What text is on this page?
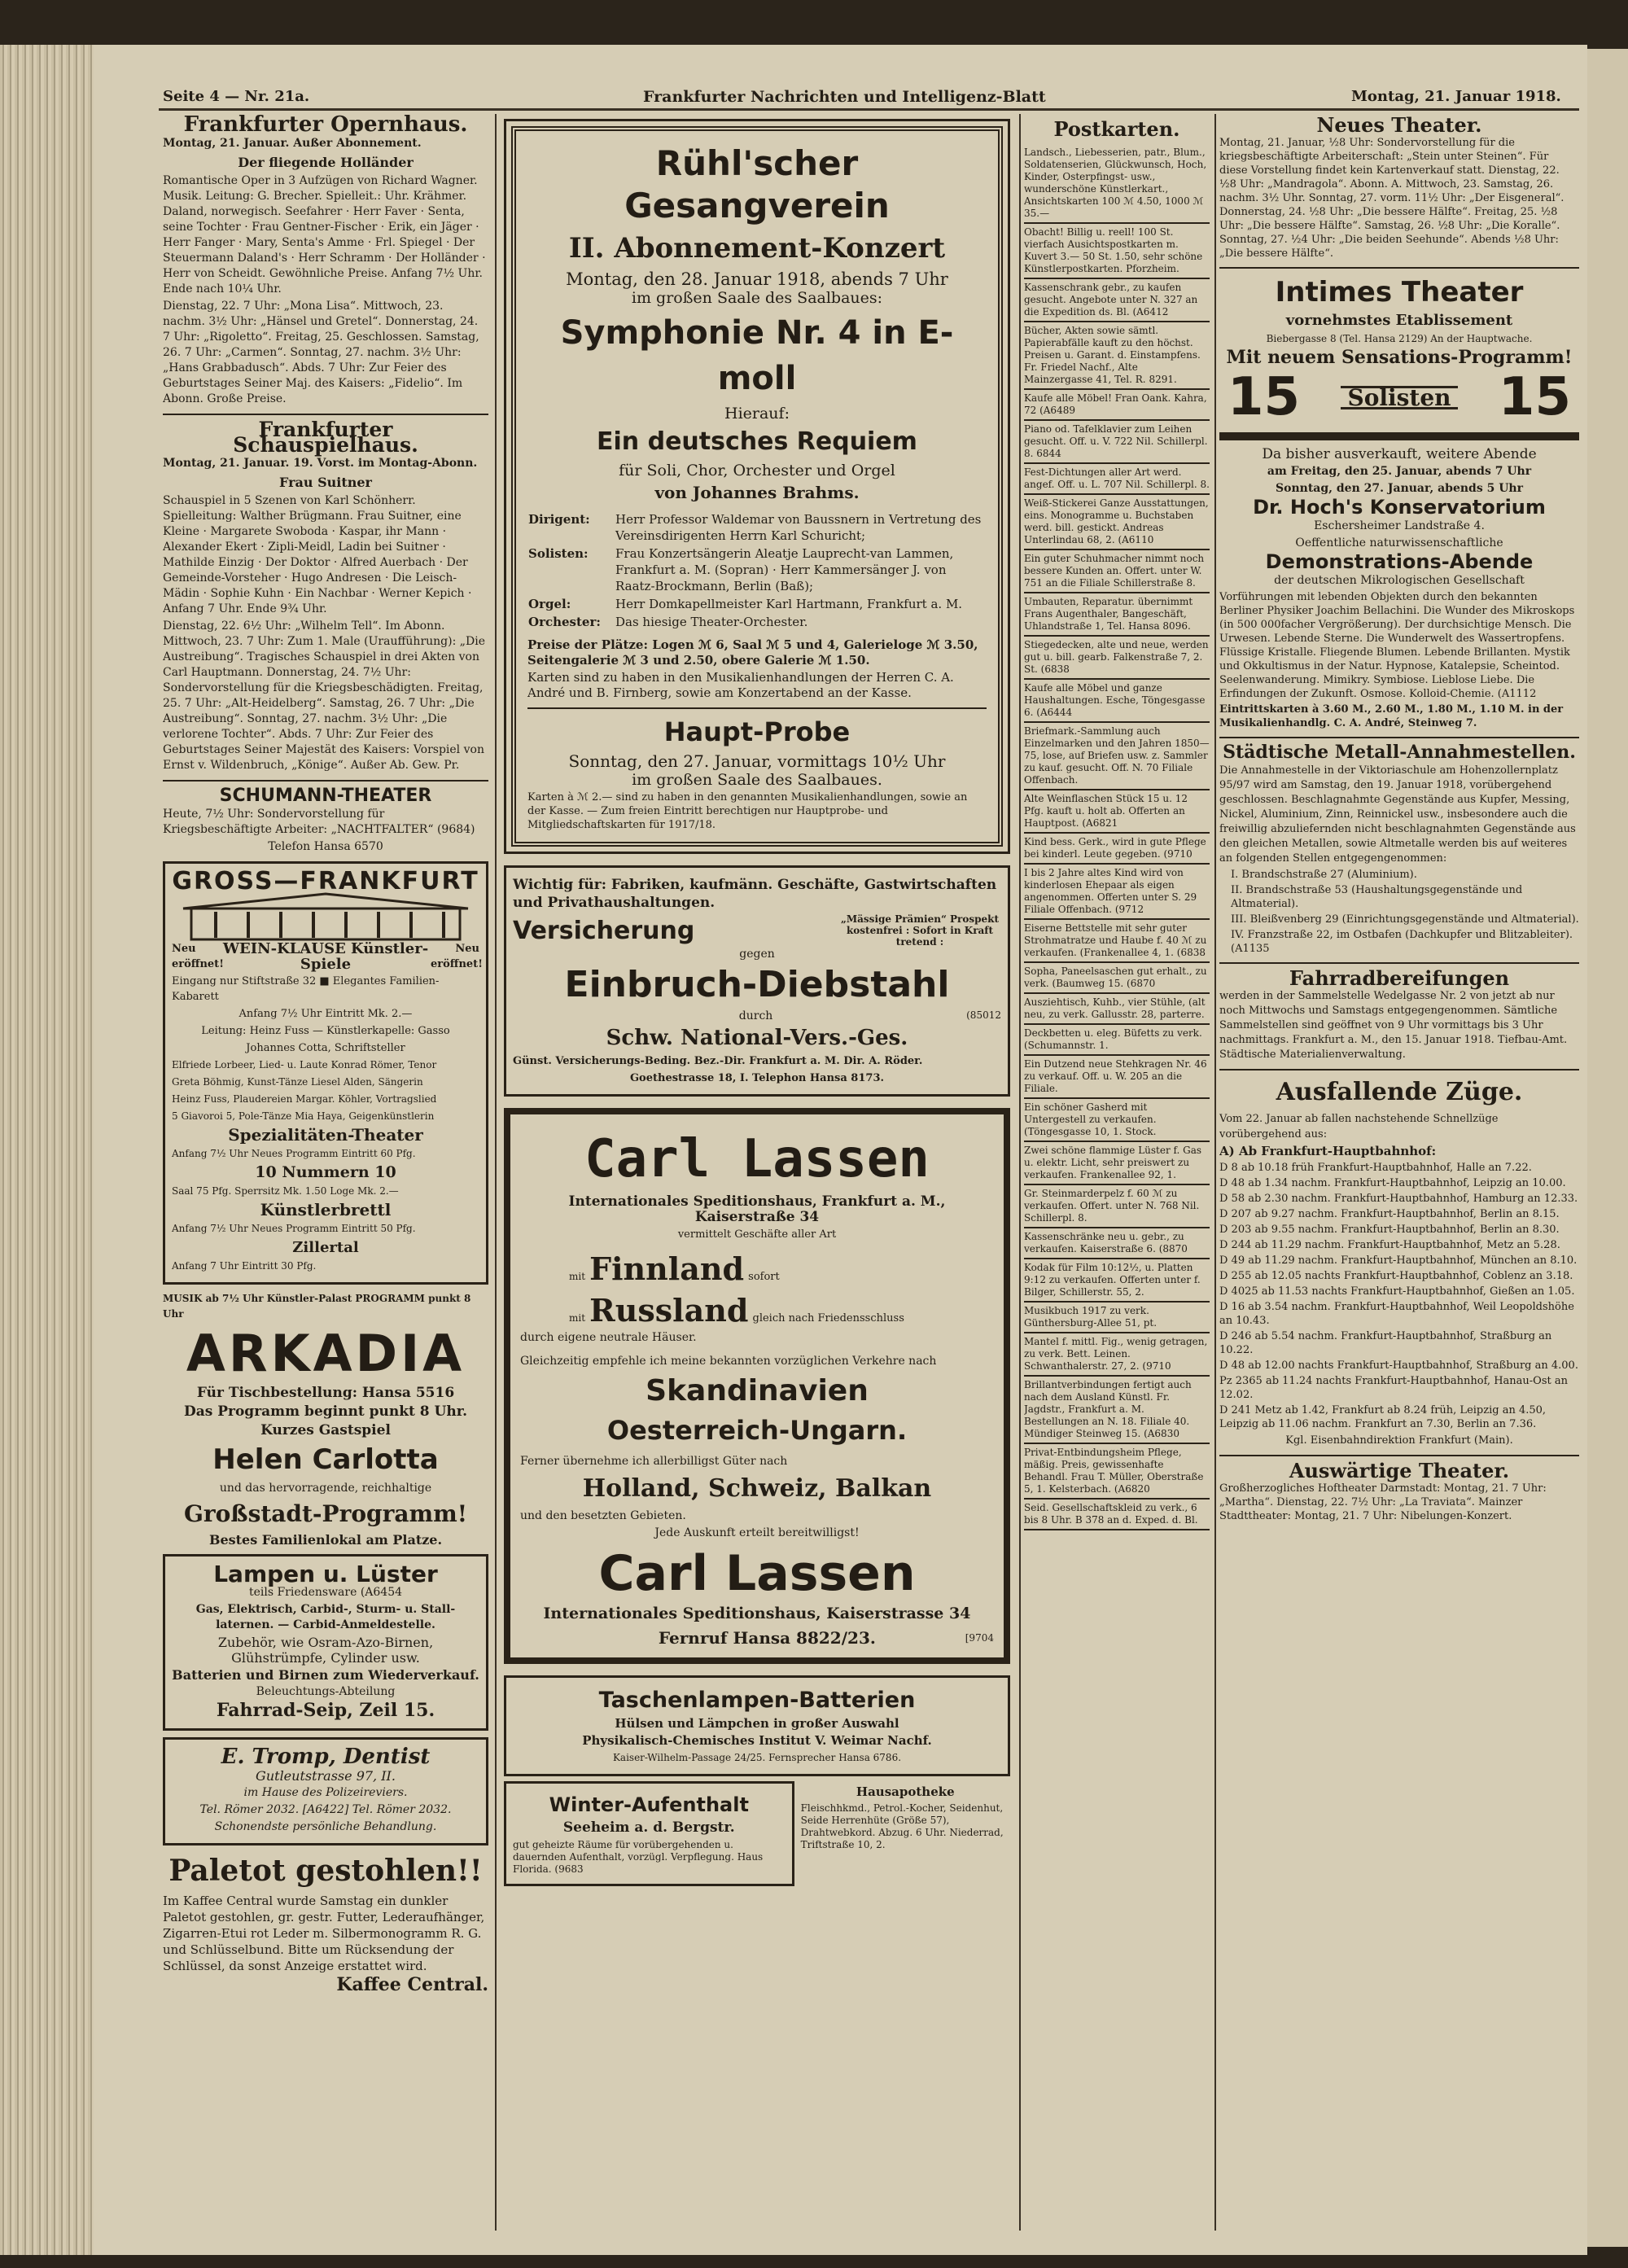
Seite 4 — Nr. 21a.	Frankfurter Nachrichten und Intelligenz-Blatt	Montag, 21. Januar 1918.
Frankfurter Opernhaus.
Montag, 21. Januar. Außer Abonnement.
Der fliegende Holländer
Romantische Oper in 3 Aufzügen von Richard Wagner. Musik. Leitung: G. Brecher. Spielleit.: Uhr. Krähmer. Daland, norwegisch. Seefahrer · Herr Faver · Senta, seine Tochter · Frau Gentner-Fischer · Erik, ein Jäger · Herr Fanger · Mary, Senta's Amme · Frl. Spiegel · Der Steuermann Daland's · Herr Schramm · Der Holländer · Herr von Scheidt. Gewöhnliche Preise. Anfang 7½ Uhr. Ende nach 10¼ Uhr.
Dienstag, 22. 7 Uhr: „Mona Lisa“. Mittwoch, 23. nachm. 3½ Uhr: „Hänsel und Gretel“. Donnerstag, 24. 7 Uhr: „Rigoletto“. Freitag, 25. Geschlossen. Samstag, 26. 7 Uhr: „Carmen“. Sonntag, 27. nachm. 3½ Uhr: „Hans Grabbadusch“. Abds. 7 Uhr: Zur Feier des Geburtstages Seiner Maj. des Kaisers: „Fidelio“. Im Abonn. Große Preise.
Frankfurter Schauspielhaus.
Montag, 21. Januar. 19. Vorst. im Montag-Abonn.
Frau Suitner
Schauspiel in 5 Szenen von Karl Schönherr. Spielleitung: Walther Brügmann. Frau Suitner, eine Kleine · Margarete Swoboda · Kaspar, ihr Mann · Alexander Ekert · Zipli-Meidl, Ladin bei Suitner · Mathilde Einzig · Der Doktor · Alfred Auerbach · Der Gemeinde-Vorsteher · Hugo Andresen · Die Leisch-Mädin · Sophie Kuhn · Ein Nachbar · Werner Kepich · Anfang 7 Uhr. Ende 9¾ Uhr.
Dienstag, 22. 6½ Uhr: „Wilhelm Tell“. Im Abonn. Mittwoch, 23. 7 Uhr: Zum 1. Male (Uraufführung): „Die Austreibung“. Tragisches Schauspiel in drei Akten von Carl Hauptmann. Donnerstag, 24. 7½ Uhr: Sondervorstellung für die Kriegsbeschädigten. Freitag, 25. 7 Uhr: „Alt-Heidelberg“. Samstag, 26. 7 Uhr: „Die Austreibung“. Sonntag, 27. nachm. 3½ Uhr: „Die verlorene Tochter“. Abds. 7 Uhr: Zur Feier des Geburtstages Seiner Majestät des Kaisers: Vorspiel von Ernst v. Wildenbruch, „Könige“. Außer Ab. Gew. Pr.
SCHUMANN-THEATER
Heute, 7½ Uhr: Sondervorstellung für Kriegsbeschäftigte Arbeiter: „NACHTFALTER“ (9684)
Telefon Hansa 6570
GROSS—FRANKFURT
Neu eröffnet!
WEIN-KLAUSE Künstler-Spiele
Neu eröffnet!
Eingang nur Stiftstraße 32 ■ Elegantes Familien-Kabarett
Anfang 7½ Uhr Eintritt Mk. 2.—
Leitung: Heinz Fuss — Künstlerkapelle: Gasso
Johannes Cotta, Schriftsteller
Elfriede Lorbeer, Lied- u. Laute Konrad Römer, Tenor
Greta Böhmig, Kunst-Tänze Liesel Alden, Sängerin
Heinz Fuss, Plaudereien Margar. Köhler, Vortragslied
5 Giavoroi 5, Pole-Tänze Mia Haya, Geigenkünstlerin
Spezialitäten-Theater
Anfang 7½ Uhr Neues Programm Eintritt 60 Pfg.
10 Nummern 10
Saal 75 Pfg. Sperrsitz Mk. 1.50 Loge Mk. 2.—
Künstlerbrettl
Anfang 7½ Uhr Neues Programm Eintritt 50 Pfg.
Zillertal
Anfang 7 Uhr Eintritt 30 Pfg.
MUSIK ab 7½ Uhr Künstler-Palast PROGRAMM punkt 8 Uhr
ARKADIA
Für Tischbestellung: Hansa 5516
Das Programm beginnt punkt 8 Uhr.
Kurzes Gastspiel
Helen Carlotta
und das hervorragende, reichhaltige
Großstadt-Programm!
Bestes Familienlokal am Platze.
Lampen u. Lüster
teils Friedensware (A6454
Gas, Elektrisch, Carbid-, Sturm- u. Stall-laternen. — Carbid-Anmeldestelle.
Zubehör, wie Osram-Azo-Birnen, Glühstrümpfe, Cylinder usw.
Batterien und Birnen zum Wiederverkauf.
Beleuchtungs-Abteilung
Fahrrad-Seip, Zeil 15.
E. Tromp, Dentist
Gutleutstrasse 97, II.
im Hause des Polizeireviers.
Tel. Römer 2032. [A6422] Tel. Römer 2032.
Schonendste persönliche Behandlung.
Paletot gestohlen!!
Im Kaffee Central wurde Samstag ein dunkler Paletot gestohlen, gr. gestr. Futter, Lederaufhänger, Zigarren-Etui rot Leder m. Silbermonogramm R. G. und Schlüsselbund. Bitte um Rücksendung der Schlüssel, da sonst Anzeige erstattet wird.
Kaffee Central.
Rühl'scher Gesangverein
II. Abonnement-Konzert
Montag, den 28. Januar 1918, abends 7 Uhr
im großen Saale des Saalbaues:
Symphonie Nr. 4 in E-moll
Hierauf:
Ein deutsches Requiem
für Soli, Chor, Orchester und Orgel
von Johannes Brahms.
Dirigent:	Herr Professor Waldemar von Baussnern in Vertretung des Vereinsdirigenten Herrn Karl Schuricht;
Solisten:	Frau Konzertsängerin Aleatje Lauprecht-van Lammen, Frankfurt a. M. (Sopran) · Herr Kammersänger J. von Raatz-Brockmann, Berlin (Baß);
Orgel:	Herr Domkapellmeister Karl Hartmann, Frankfurt a. M.
Orchester:	Das hiesige Theater-Orchester.
Preise der Plätze: Logen ℳ 6, Saal ℳ 5 und 4, Galerieloge ℳ 3.50, Seitengalerie ℳ 3 und 2.50, obere Galerie ℳ 1.50.
Karten sind zu haben in den Musikalienhandlungen der Herren C. A. André und B. Firnberg, sowie am Konzertabend an der Kasse.
Haupt-Probe
Sonntag, den 27. Januar, vormittags 10½ Uhr
im großen Saale des Saalbaues.
Karten à ℳ 2.— sind zu haben in den genannten Musikalienhandlungen, sowie an der Kasse. — Zum freien Eintritt berechtigen nur Hauptprobe- und Mitgliedschaftskarten für 1917/18.
Wichtig für: Fabriken, kaufmänn. Geschäfte, Gastwirtschaften und Privathaushaltungen.
Versicherung	„Mässige Prämien“ Prospekt kostenfrei : Sofort in Kraft tretend :
gegen
Einbruch-Diebstahl
durch	(85012
Schw. National-Vers.-Ges.
Günst. Versicherungs-Beding. Bez.-Dir. Frankfurt a. M. Dir. A. Röder.
Goethestrasse 18, I. Telephon Hansa 8173.
Carl Lassen
Internationales Speditionshaus, Frankfurt a. M., Kaiserstraße 34
vermittelt Geschäfte aller Art
mit Finnland sofort
mit Russland gleich nach Friedensschluss
durch eigene neutrale Häuser.
Gleichzeitig empfehle ich meine bekannten vorzüglichen Verkehre nach
Skandinavien
Oesterreich-Ungarn.
Ferner übernehme ich allerbilligst Güter nach
Holland, Schweiz, Balkan
und den besetzten Gebieten.
Jede Auskunft erteilt bereitwilligst!
Carl Lassen
Internationales Speditionshaus, Kaiserstrasse 34
Fernruf Hansa 8822/23.	[9704
Taschenlampen-Batterien
Hülsen und Lämpchen in großer Auswahl
Physikalisch-Chemisches Institut V. Weimar Nachf.
Kaiser-Wilhelm-Passage 24/25. Fernsprecher Hansa 6786.
Winter-Aufenthalt
Seeheim a. d. Bergstr.
gut geheizte Räume für vorübergehenden u. dauernden Aufenthalt, vorzügl. Verpflegung. Haus Florida. (9683
Hausapotheke
Fleischhkmd., Petrol.-Kocher, Seidenhut, Seide Herrenhüte (Größe 57), Drahtwebkord. Abzug. 6 Uhr. Niederrad, Triftstraße 10, 2.
Postkarten.
Landsch., Liebesserien, patr., Blum., Soldatenserien, Glückwunsch, Hoch, Kinder, Osterpfingst- usw., wunderschöne Künstlerkart., Ansichtskarten 100 ℳ 4.50, 1000 ℳ 35.—
Obacht! Billig u. reell! 100 St. vierfach Ausichtspostkarten m. Kuvert 3.— 50 St. 1.50, sehr schöne Künstlerpostkarten. Pforzheim.
Kassenschrank gebr., zu kaufen gesucht. Angebote unter N. 327 an die Expedition ds. Bl. (A6412
Bücher, Akten sowie sämtl. Papierabfälle kauft zu den höchst. Preisen u. Garant. d. Einstampfens. Fr. Friedel Nachf., Alte Mainzergasse 41, Tel. R. 8291.
Kaufe alle Möbel! Fran Oank. Kahra, 72 (A6489
Piano od. Tafelklavier zum Leihen gesucht. Off. u. V. 722 Nil. Schillerpl. 8. 6844
Fest-Dichtungen aller Art werd. angef. Off. u. L. 707 Nil. Schillerpl. 8.
Weiß-Stickerei Ganze Ausstattungen, eins. Monogramme u. Buchstaben werd. bill. gestickt. Andreas Unterlindau 68, 2. (A6110
Ein guter Schuhmacher nimmt noch bessere Kunden an. Offert. unter W. 751 an die Filiale Schillerstraße 8.
Umbauten, Reparatur. übernimmt Frans Augenthaler, Bangeschäft, Uhlandstraße 1, Tel. Hansa 8096.
Stiegedecken, alte und neue, werden gut u. bill. gearb. Falkenstraße 7, 2. St. (6838
Kaufe alle Möbel und ganze Haushaltungen. Esche, Töngesgasse 6. (A6444
Briefmark.-Sammlung auch Einzelmarken und den Jahren 1850—75, lose, auf Briefen usw. z. Sammler zu kauf. gesucht. Off. N. 70 Filiale Offenbach.
Alte Weinflaschen Stück 15 u. 12 Pfg. kauft u. holt ab. Offerten an Hauptpost. (A6821
Kind bess. Gerk., wird in gute Pflege bei kinderl. Leute gegeben. (9710
I bis 2 Jahre altes Kind wird von kinderlosen Ehepaar als eigen angenommen. Offerten unter S. 29 Filiale Offenbach. (9712
Eiserne Bettstelle mit sehr guter Strohmatratze und Haube f. 40 ℳ zu verkaufen. (Frankenallee 4, 1. (6838
Sopha, Paneelsaschen gut erhalt., zu verk. (Baumweg 15. (6870
Ausziehtisch, Kuhb., vier Stühle, (alt neu, zu verk. Gallusstr. 28, parterre.
Deckbetten u. eleg. Büfetts zu verk. (Schumannstr. 1.
Ein Dutzend neue Stehkragen Nr. 46 zu verkauf. Off. u. W. 205 an die Filiale.
Ein schöner Gasherd mit Untergestell zu verkaufen. (Töngesgasse 10, 1. Stock.
Zwei schöne flammige Lüster f. Gas u. elektr. Licht, sehr preiswert zu verkaufen. Frankenallee 92, 1.
Gr. Steinmarderpelz f. 60 ℳ zu verkaufen. Offert. unter N. 768 Nil. Schillerpl. 8.
Kassenschränke neu u. gebr., zu verkaufen. Kaiserstraße 6. (8870
Kodak für Film 10:12½, u. Platten 9:12 zu verkaufen. Offerten unter f. Bilger, Schillerstr. 55, 2.
Musikbuch 1917 zu verk. Günthersburg-Allee 51, pt.
Mantel f. mittl. Fig., wenig getragen, zu verk. Bett. Leinen. Schwanthalerstr. 27, 2. (9710
Brillantverbindungen fertigt auch nach dem Ausland Künstl. Fr. Jagdstr., Frankfurt a. M. Bestellungen an N. 18. Filiale 40. Mündiger Steinweg 15. (A6830
Privat-Entbindungsheim Pflege, mäßig. Preis, gewissenhafte Behandl. Frau T. Müller, Oberstraße 5, 1. Kelsterbach. (A6820
Seid. Gesellschaftskleid zu verk., 6 bis 8 Uhr. B 378 an d. Exped. d. Bl.
Neues Theater.
Montag, 21. Januar, ½8 Uhr: Sondervorstellung für die kriegsbeschäftigte Arbeiterschaft: „Stein unter Steinen“. Für diese Vorstellung findet kein Kartenverkauf statt. Dienstag, 22. ½8 Uhr: „Mandragola“. Abonn. A. Mittwoch, 23. Samstag, 26. nachm. 3½ Uhr. Sonntag, 27. vorm. 11½ Uhr: „Der Eisgeneral“. Donnerstag, 24. ½8 Uhr: „Die bessere Hälfte“. Freitag, 25. ½8 Uhr: „Die bessere Hälfte“. Samstag, 26. ½8 Uhr: „Die Koralle“. Sonntag, 27. ½4 Uhr: „Die beiden Seehunde“. Abends ½8 Uhr: „Die bessere Hälfte“.
Intimes Theater
vornehmstes Etablissement
Biebergasse 8 (Tel. Hansa 2129) An der Hauptwache.
Mit neuem Sensations-Programm!
15 Solisten 15
Da bisher ausverkauft, weitere Abende
am Freitag, den 25. Januar, abends 7 Uhr
Sonntag, den 27. Januar, abends 5 Uhr
Dr. Hoch's Konservatorium
Eschersheimer Landstraße 4.
Oeffentliche naturwissenschaftliche
Demonstrations-Abende
der deutschen Mikrologischen Gesellschaft
Vorführungen mit lebenden Objekten durch den bekannten Berliner Physiker Joachim Bellachini. Die Wunder des Mikroskops (in 500 000facher Vergrößerung). Der durchsichtige Mensch. Die Urwesen. Lebende Sterne. Die Wunderwelt des Wassertropfens. Flüssige Kristalle. Fliegende Blumen. Lebende Brillanten. Mystik und Okkultismus in der Natur. Hypnose, Katalepsie, Scheintod. Seelenwanderung. Mimikry. Symbiose. Lieblose Liebe. Die Erfindungen der Zukunft. Osmose. Kolloid-Chemie. (A1112
Eintrittskarten à 3.60 M., 2.60 M., 1.80 M., 1.10 M. in der Musikalienhandlg. C. A. André, Steinweg 7.
Städtische Metall-Annahmestellen.
Die Annahmestelle in der Viktoriaschule am Hohenzollernplatz 95/97 wird am Samstag, den 19. Januar 1918, vorübergehend geschlossen. Beschlagnahmte Gegenstände aus Kupfer, Messing, Nickel, Aluminium, Zinn, Reinnickel usw., insbesondere auch die freiwillig abzuliefernden nicht beschlagnahmten Gegenstände aus den gleichen Metallen, sowie Altmetalle werden bis auf weiteres an folgenden Stellen entgegengenommen:
I. Brandschstraße 27 (Aluminium).
II. Brandschstraße 53 (Haushaltungsgegenstände und Altmaterial).
III. Bleißvenberg 29 (Einrichtungsgegenstände und Altmaterial).
IV. Franzstraße 22, im Ostbafen (Dachkupfer und Blitzableiter). (A1135
Fahrradbereifungen
werden in der Sammelstelle Wedelgasse Nr. 2 von jetzt ab nur noch Mittwochs und Samstags entgegengenommen. Sämtliche Sammelstellen sind geöffnet von 9 Uhr vormittags bis 3 Uhr nachmittags. Frankfurt a. M., den 15. Januar 1918. Tiefbau-Amt. Städtische Materialienverwaltung.
Ausfallende Züge.
Vom 22. Januar ab fallen nachstehende Schnellzüge vorübergehend aus:
A) Ab Frankfurt-Hauptbahnhof:
D 8 ab 10.18 früh Frankfurt-Hauptbahnhof, Halle an 7.22.
D 48 ab 1.34 nachm. Frankfurt-Hauptbahnhof, Leipzig an 10.00.
D 58 ab 2.30 nachm. Frankfurt-Hauptbahnhof, Hamburg an 12.33.
D 207 ab 9.27 nachm. Frankfurt-Hauptbahnhof, Berlin an 8.15.
D 203 ab 9.55 nachm. Frankfurt-Hauptbahnhof, Berlin an 8.30.
D 244 ab 11.29 nachm. Frankfurt-Hauptbahnhof, Metz an 5.28.
D 49 ab 11.29 nachm. Frankfurt-Hauptbahnhof, München an 8.10.
D 255 ab 12.05 nachts Frankfurt-Hauptbahnhof, Coblenz an 3.18.
D 4025 ab 11.53 nachts Frankfurt-Hauptbahnhof, Gießen an 1.05.
D 16 ab 3.54 nachm. Frankfurt-Hauptbahnhof, Weil Leopoldshöhe an 10.43.
D 246 ab 5.54 nachm. Frankfurt-Hauptbahnhof, Straßburg an 10.22.
D 48 ab 12.00 nachts Frankfurt-Hauptbahnhof, Straßburg an 4.00.
Pz 2365 ab 11.24 nachts Frankfurt-Hauptbahnhof, Hanau-Ost an 12.02.
D 241 Metz ab 1.42, Frankfurt ab 8.24 früh, Leipzig an 4.50, Leipzig ab 11.06 nachm. Frankfurt an 7.30, Berlin an 7.36.
Kgl. Eisenbahndirektion Frankfurt (Main).
Auswärtige Theater.
Großherzogliches Hoftheater Darmstadt: Montag, 21. 7 Uhr: „Martha“. Dienstag, 22. 7½ Uhr: „La Traviata“. Mainzer Stadttheater: Montag, 21. 7 Uhr: Nibelungen-Konzert.
